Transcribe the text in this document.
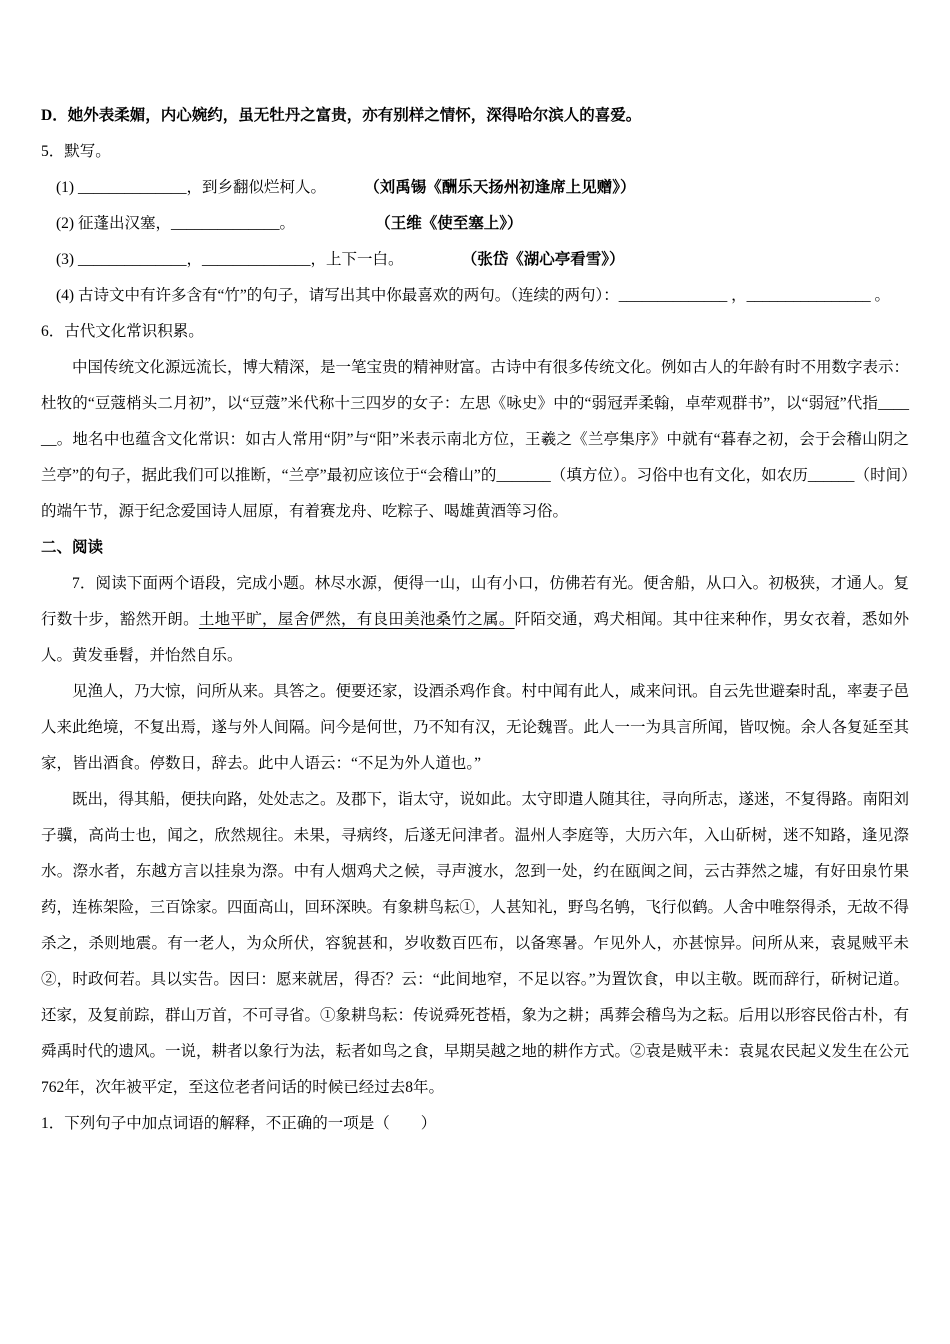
D．她外表柔媚，内心婉约，虽无牡丹之富贵，亦有别样之情怀，深得哈尔滨人的喜爱。

5．默写。

(1) ______________，到乡翻似烂柯人。	（刘禹锡《酬乐天扬州初逢席上见赠》）

(2) 征蓬出汉塞，______________。	（王维《使至塞上》）

(3) ______________，______________，上下一白。	（张岱《湖心亭看雪》）

(4) 古诗文中有许多含有“竹”的句子，请写出其中你最喜欢的两句。（连续的两句）：______________ ，________________ 。

6．古代文化常识积累。

中国传统文化源远流长，博大精深，是一笔宝贵的精神财富。古诗中有很多传统文化。例如古人的年龄有时不用数字表示：杜牧的“豆蔻梢头二月初”，以“豆蔻”米代称十三四岁的女子：左思《咏史》中的“弱冠弄柔翰，卓荦观群书”，以“弱冠”代指______。地名中也蕴含文化常识：如古人常用“阴”与“阳”米表示南北方位，王羲之《兰亭集序》中就有“暮春之初，会于会稽山阴之兰亭”的句子，据此我们可以推断，“兰亭”最初应该位于“会稽山”的_______（填方位）。习俗中也有文化，如农历______（时间）的端午节，源于纪念爱国诗人屈原，有着赛龙舟、吃粽子、喝雄黄酒等习俗。

二、阅读

7．阅读下面两个语段，完成小题。林尽水源，便得一山，山有小口，仿佛若有光。便舍船，从口入。初极狭，才通人。复行数十步，豁然开朗。土地平旷，屋舍俨然，有良田美池桑竹之属。阡陌交通，鸡犬相闻。其中往来种作，男女衣着，悉如外人。黄发垂髫，并怡然自乐。

见渔人，乃大惊，问所从来。具答之。便要还家，设酒杀鸡作食。村中闻有此人，咸来问讯。自云先世避秦时乱，率妻子邑人来此绝境，不复出焉，遂与外人间隔。问今是何世，乃不知有汉，无论魏晋。此人一一为具言所闻，皆叹惋。余人各复延至其家，皆出酒食。停数日，辞去。此中人语云：“不足为外人道也。”

既出，得其船，便扶向路，处处志之。及郡下，诣太守，说如此。太守即遣人随其往，寻向所志，遂迷，不复得路。南阳刘子骥，高尚士也，闻之，欣然规往。未果，寻病终，后遂无问津者。温州人李庭等，大历六年，入山斫树，迷不知路，逢见漈水。漈水者，东越方言以挂泉为漈。中有人烟鸡犬之候，寻声渡水，忽到一处，约在瓯闽之间，云古莽然之墟，有好田泉竹果药，连栋架险，三百馀家。四面高山，回环深映。有象耕鸟耘①，人甚知礼，野鸟名鸲，飞行似鹤。人舍中唯祭得杀，无故不得杀之，杀则地震。有一老人，为众所伏，容貌甚和，岁收数百匹布，以备寒暑。乍见外人，亦甚惊异。问所从来，袁晁贼平未②，时政何若。具以实告。因曰：愿来就居，得否？云：“此间地窄，不足以容。”为置饮食，申以主敬。既而辞行，斫树记道。还家，及复前踪，群山万首，不可寻省。①象耕鸟耘：传说舜死苍梧，象为之耕；禹葬会稽鸟为之耘。后用以形容民俗古朴，有舜禹时代的遗风。一说，耕者以象行为法，耘者如鸟之食，早期吴越之地的耕作方式。②袁是贼平未：袁晁农民起义发生在公元762年，次年被平定，至这位老者问话的时候已经过去8年。

1．下列句子中加点词语的解释，不正确的一项是（　　）
